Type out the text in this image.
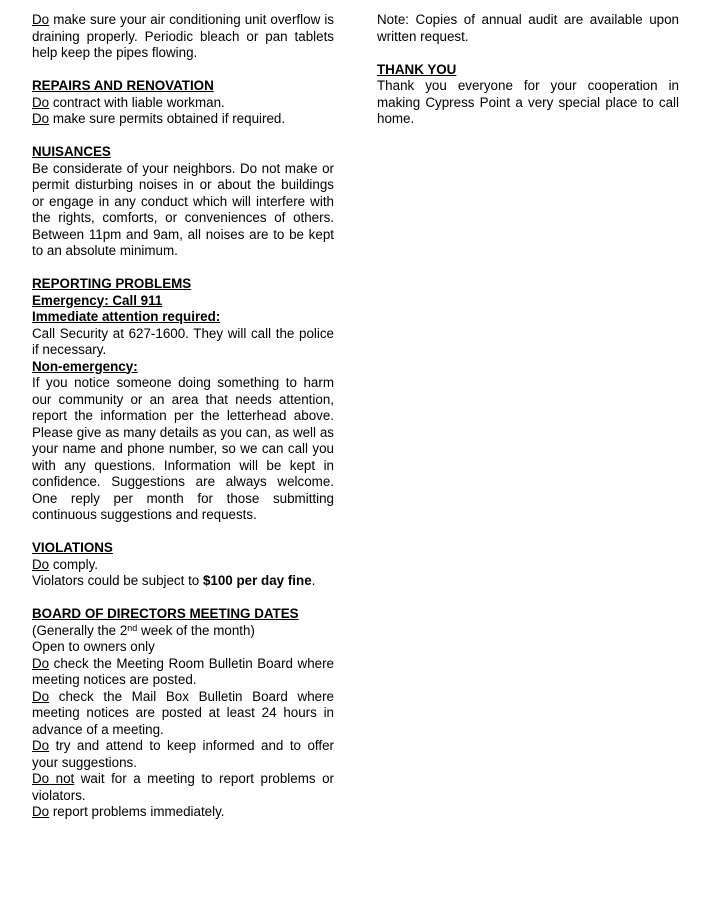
Do make sure your air conditioning unit overflow is draining properly. Periodic bleach or pan tablets help keep the pipes flowing.

REPAIRS AND RENOVATION

Do contract with liable workman.

Do make sure permits obtained if required.

NUISANCES

Be considerate of your neighbors. Do not make or permit disturbing noises in or about the buildings or engage in any conduct which will interfere with the rights, comforts, or conveniences of others. Between 11pm and 9am, all noises are to be kept to an absolute minimum.

REPORTING PROBLEMS
Emergency: Call 911
Immediate attention required:

Call Security at 627-1600. They will call the police if necessary.

Non-emergency:

If you notice someone doing something to harm our community or an area that needs attention, report the information per the letterhead above. Please give as many details as you can, as well as your name and phone number, so we can call you with any questions. Information will be kept in confidence. Suggestions are always welcome. One reply per month for those submitting continuous suggestions and requests.

VIOLATIONS

Do comply.

Violators could be subject to $100 per day fine.

BOARD OF DIRECTORS MEETING DATES

(Generally the 2nd week of the month)

Open to owners only

Do check the Meeting Room Bulletin Board where meeting notices are posted.

Do check the Mail Box Bulletin Board where meeting notices are posted at least 24 hours in advance of a meeting.

Do try and attend to keep informed and to offer your suggestions.

Do not wait for a meeting to report problems or violators.

Do report problems immediately.

Note: Copies of annual audit are available upon written request.

THANK YOU

Thank you everyone for your cooperation in making Cypress Point a very special place to call home.
